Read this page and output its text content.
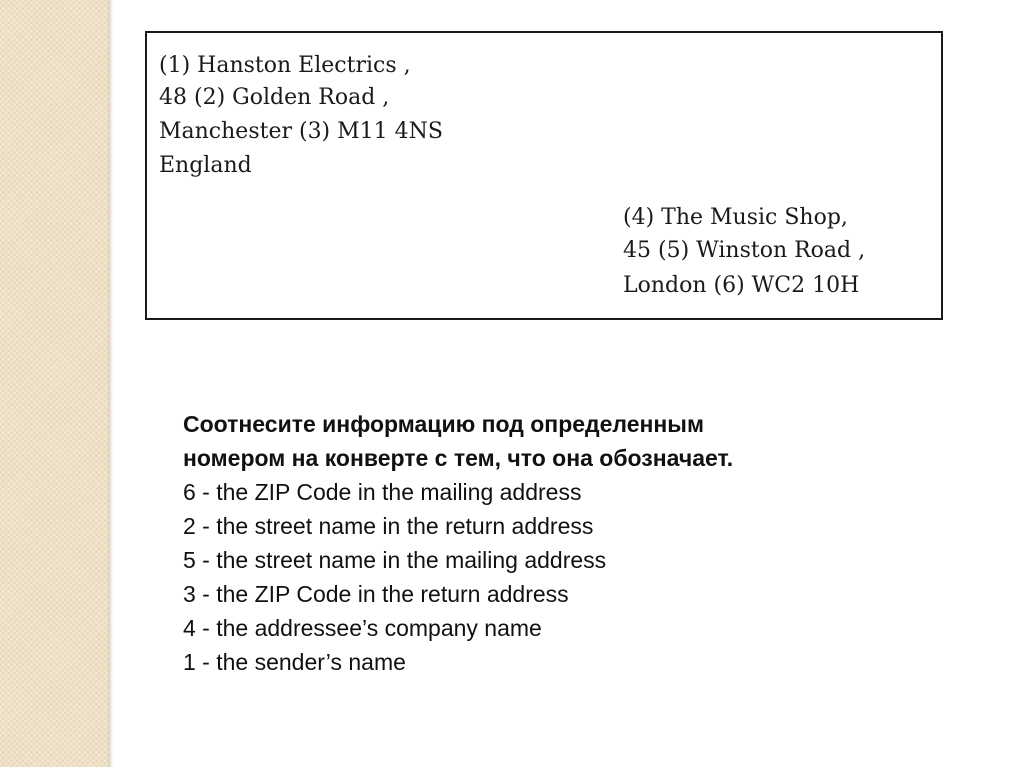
(1) Hanston Electrics ,
48 (2) Golden Road ,
Manchester (3) M11 4NS
England
(4) The Music Shop,
45 (5) Winston Road ,
London (6) WC2 10H
Соотнесите информацию под определенным
номером на конверте с тем, что она обозначает.
6 - the ZIP Code in the mailing address
2 - the street name in the return address
5 - the street name in the mailing address
3 - the ZIP Code in the return address
4 - the addressee’s company name
1 - the sender’s name
